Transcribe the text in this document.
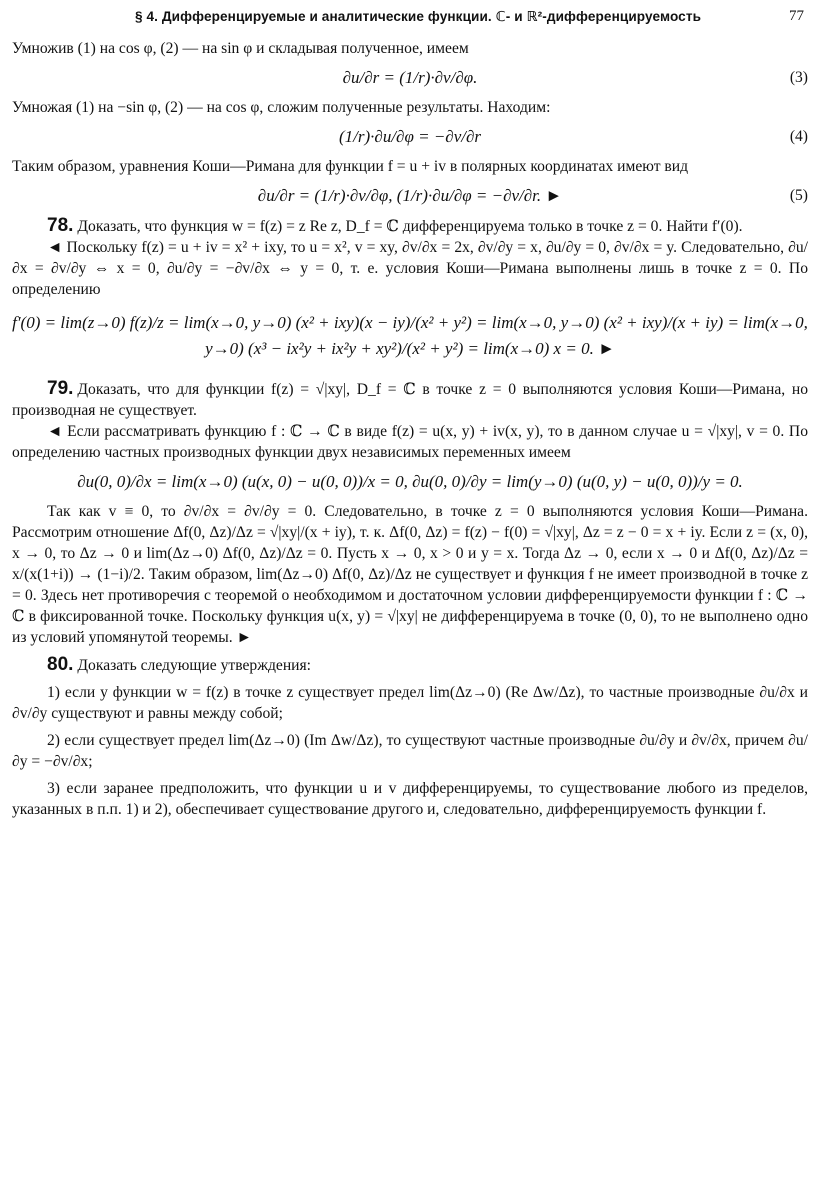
§ 4. Дифференцируемые и аналитические функции. ℂ- и ℝ²-дифференцируемость	77

Умножив (1) на cos φ, (2) — на sin φ и складывая полученное, имеем

∂u/∂r = (1/r)·∂v/∂φ.	(3)

Умножая (1) на −sin φ, (2) — на cos φ, сложим полученные результаты. Находим:

(1/r)·∂u/∂φ = −∂v/∂r	(4)

Таким образом, уравнения Коши—Римана для функции f = u + iv в полярных координатах имеют вид

∂u/∂r = (1/r)·∂v/∂φ, (1/r)·∂u/∂φ = −∂v/∂r. ►	(5)

78. Доказать, что функция w = f(z) = z Re z, D_f = ℂ дифференцируема только в точке z = 0. Найти f′(0).

◄ Поскольку f(z) = u + iv = x² + ixy, то u = x², v = xy, ∂v/∂x = 2x, ∂v/∂y = x, ∂u/∂y = 0, ∂v/∂x = y. Следовательно, ∂u/∂x = ∂v/∂y ⇔ x = 0, ∂u/∂y = −∂v/∂x ⇔ y = 0, т. е. условия Коши—Римана выполнены лишь в точке z = 0. По определению

f′(0) = lim(z→0) f(z)/z = lim(x→0, y→0) (x² + ixy)(x − iy)/(x² + y²) = lim(x→0, y→0) (x² + ixy)/(x + iy) = lim(x→0, y→0) (x³ − ix²y + ix²y + xy²)/(x² + y²) = lim(x→0) x = 0. ►

79. Доказать, что для функции f(z) = √|xy|, D_f = ℂ в точке z = 0 выполняются условия Коши—Римана, но производная не существует.

◄ Если рассматривать функцию f : ℂ → ℂ в виде f(z) = u(x, y) + iv(x, y), то в данном случае u = √|xy|, v = 0. По определению частных производных функции двух независимых переменных имеем

∂u(0, 0)/∂x = lim(x→0) (u(x, 0) − u(0, 0))/x = 0, ∂u(0, 0)/∂y = lim(y→0) (u(0, y) − u(0, 0))/y = 0.

Так как v ≡ 0, то ∂v/∂x = ∂v/∂y = 0. Следовательно, в точке z = 0 выполняются условия Коши—Римана. Рассмотрим отношение Δf(0, Δz)/Δz = √|xy|/(x + iy), т. к. Δf(0, Δz) = f(z) − f(0) = √|xy|, Δz = z − 0 = x + iy. Если z = (x, 0), x → 0, то Δz → 0 и lim(Δz→0) Δf(0, Δz)/Δz = 0. Пусть x → 0, x > 0 и y = x. Тогда Δz → 0, если x → 0 и Δf(0, Δz)/Δz = x/(x(1+i)) → (1−i)/2. Таким образом, lim(Δz→0) Δf(0, Δz)/Δz не существует и функция f не имеет производной в точке z = 0. Здесь нет противоречия с теоремой о необходимом и достаточном условии дифференцируемости функции f : ℂ → ℂ в фиксированной точке. Поскольку функция u(x, y) = √|xy| не дифференцируема в точке (0, 0), то не выполнено одно из условий упомянутой теоремы. ►

80. Доказать следующие утверждения:

1) если у функции w = f(z) в точке z существует предел lim(Δz→0) (Re Δw/Δz), то частные производные ∂u/∂x и ∂v/∂y существуют и равны между собой;

2) если существует предел lim(Δz→0) (Im Δw/Δz), то существуют частные производные ∂u/∂y и ∂v/∂x, причем ∂u/∂y = −∂v/∂x;

3) если заранее предположить, что функции u и v дифференцируемы, то существование любого из пределов, указанных в п.п. 1) и 2), обеспечивает существование другого и, следовательно, дифференцируемость функции f.
